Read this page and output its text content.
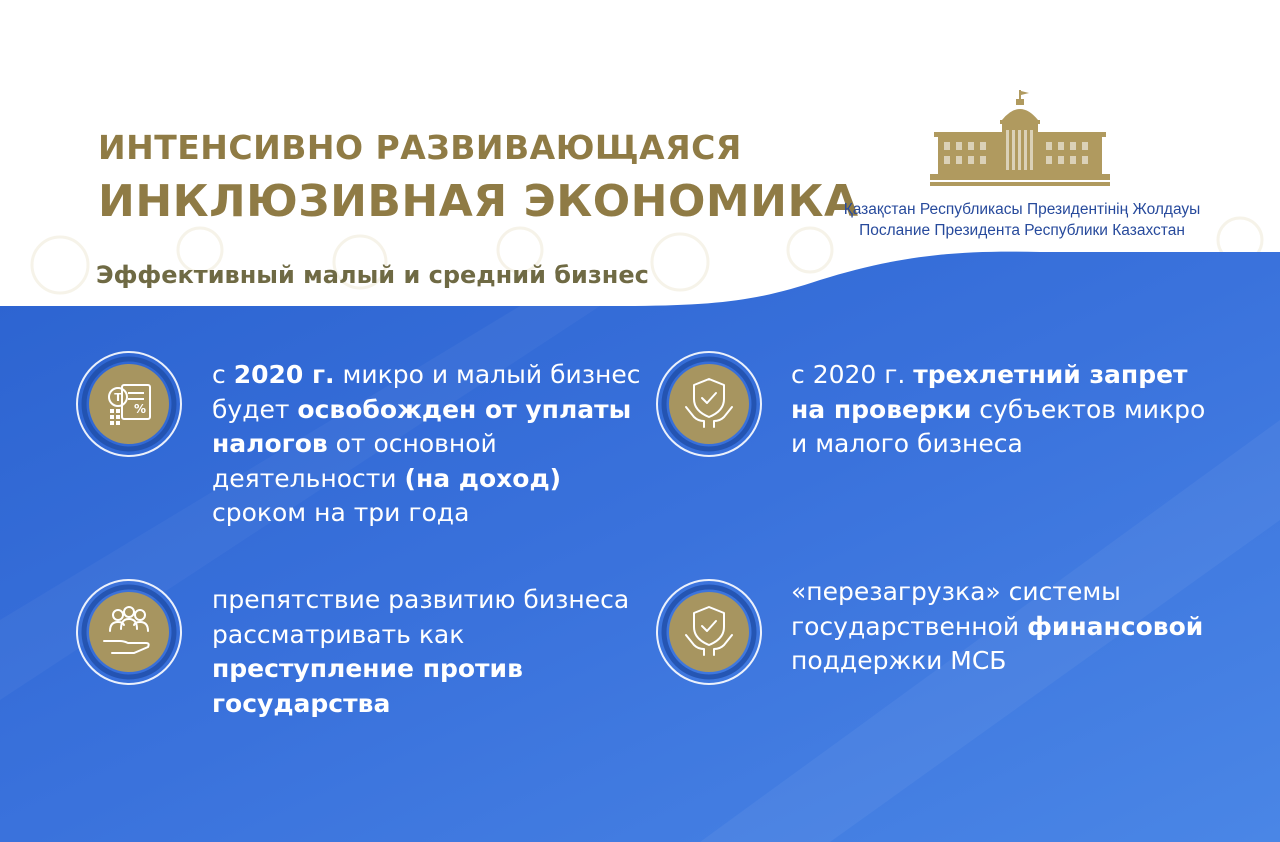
ИНТЕНСИВНО РАЗВИВАЮЩАЯСЯ
ИНКЛЮЗИВНАЯ ЭКОНОМИКА
Эффективный малый и средний бизнес
Қазақстан Республикасы Президентінің Жолдауы
Послание Президента Республики Казахстан
Т
%
с 2020 г. микро и малый бизнес будет освобожден от уплаты налогов от основной деятельности (на доход) сроком на три года
с 2020 г. трехлетний запрет на проверки субъектов микро и малого бизнеса
препятствие развитию бизнеса рассматривать как преступление против государства
«перезагрузка» системы государственной финансовой поддержки МСБ
